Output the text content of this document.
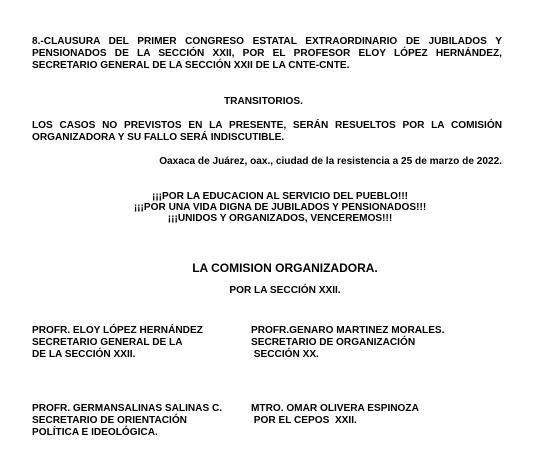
8.-CLAUSURA DEL PRIMER CONGRESO ESTATAL EXTRAORDINARIO DE JUBILADOS Y

PENSIONADOS DE LA SECCIÓN XXII, POR EL PROFESOR ELOY LÓPEZ HERNÁNDEZ,

SECRETARIO GENERAL DE LA SECCIÓN XXII DE LA CNTE-CNTE.

TRANSITORIOS.

LOS CASOS NO PREVISTOS EN LA PRESENTE, SERÁN RESUELTOS POR LA COMISIÓN

ORGANIZADORA Y SU FALLO SERÁ INDISCUTIBLE.

Oaxaca de Juárez, oax., ciudad de la resistencia a 25 de marzo de 2022.

¡¡¡POR LA EDUCACION AL SERVICIO DEL PUEBLO!!!

¡¡¡POR UNA VIDA DIGNA DE JUBILADOS Y PENSIONADOS!!!

¡¡¡UNIDOS Y ORGANIZADOS, VENCEREMOS!!!

LA COMISION ORGANIZADORA.

POR LA SECCIÓN XXII.

PROFR. ELOY LÓPEZ HERNÁNDEZ

SECRETARIO GENERAL DE LA

DE LA SECCIÓN XXII.

PROFR.GENARO MARTINEZ MORALES.

SECRETARIO DE ORGANIZACIÓN

SECCIÓN XX.

PROFR. GERMANSALINAS SALINAS C.

SECRETARIO DE ORIENTACIÓN

POLÍTICA E IDEOLÓGICA.

MTRO. OMAR OLIVERA ESPINOZA

POR EL CEPOS  XXII.
